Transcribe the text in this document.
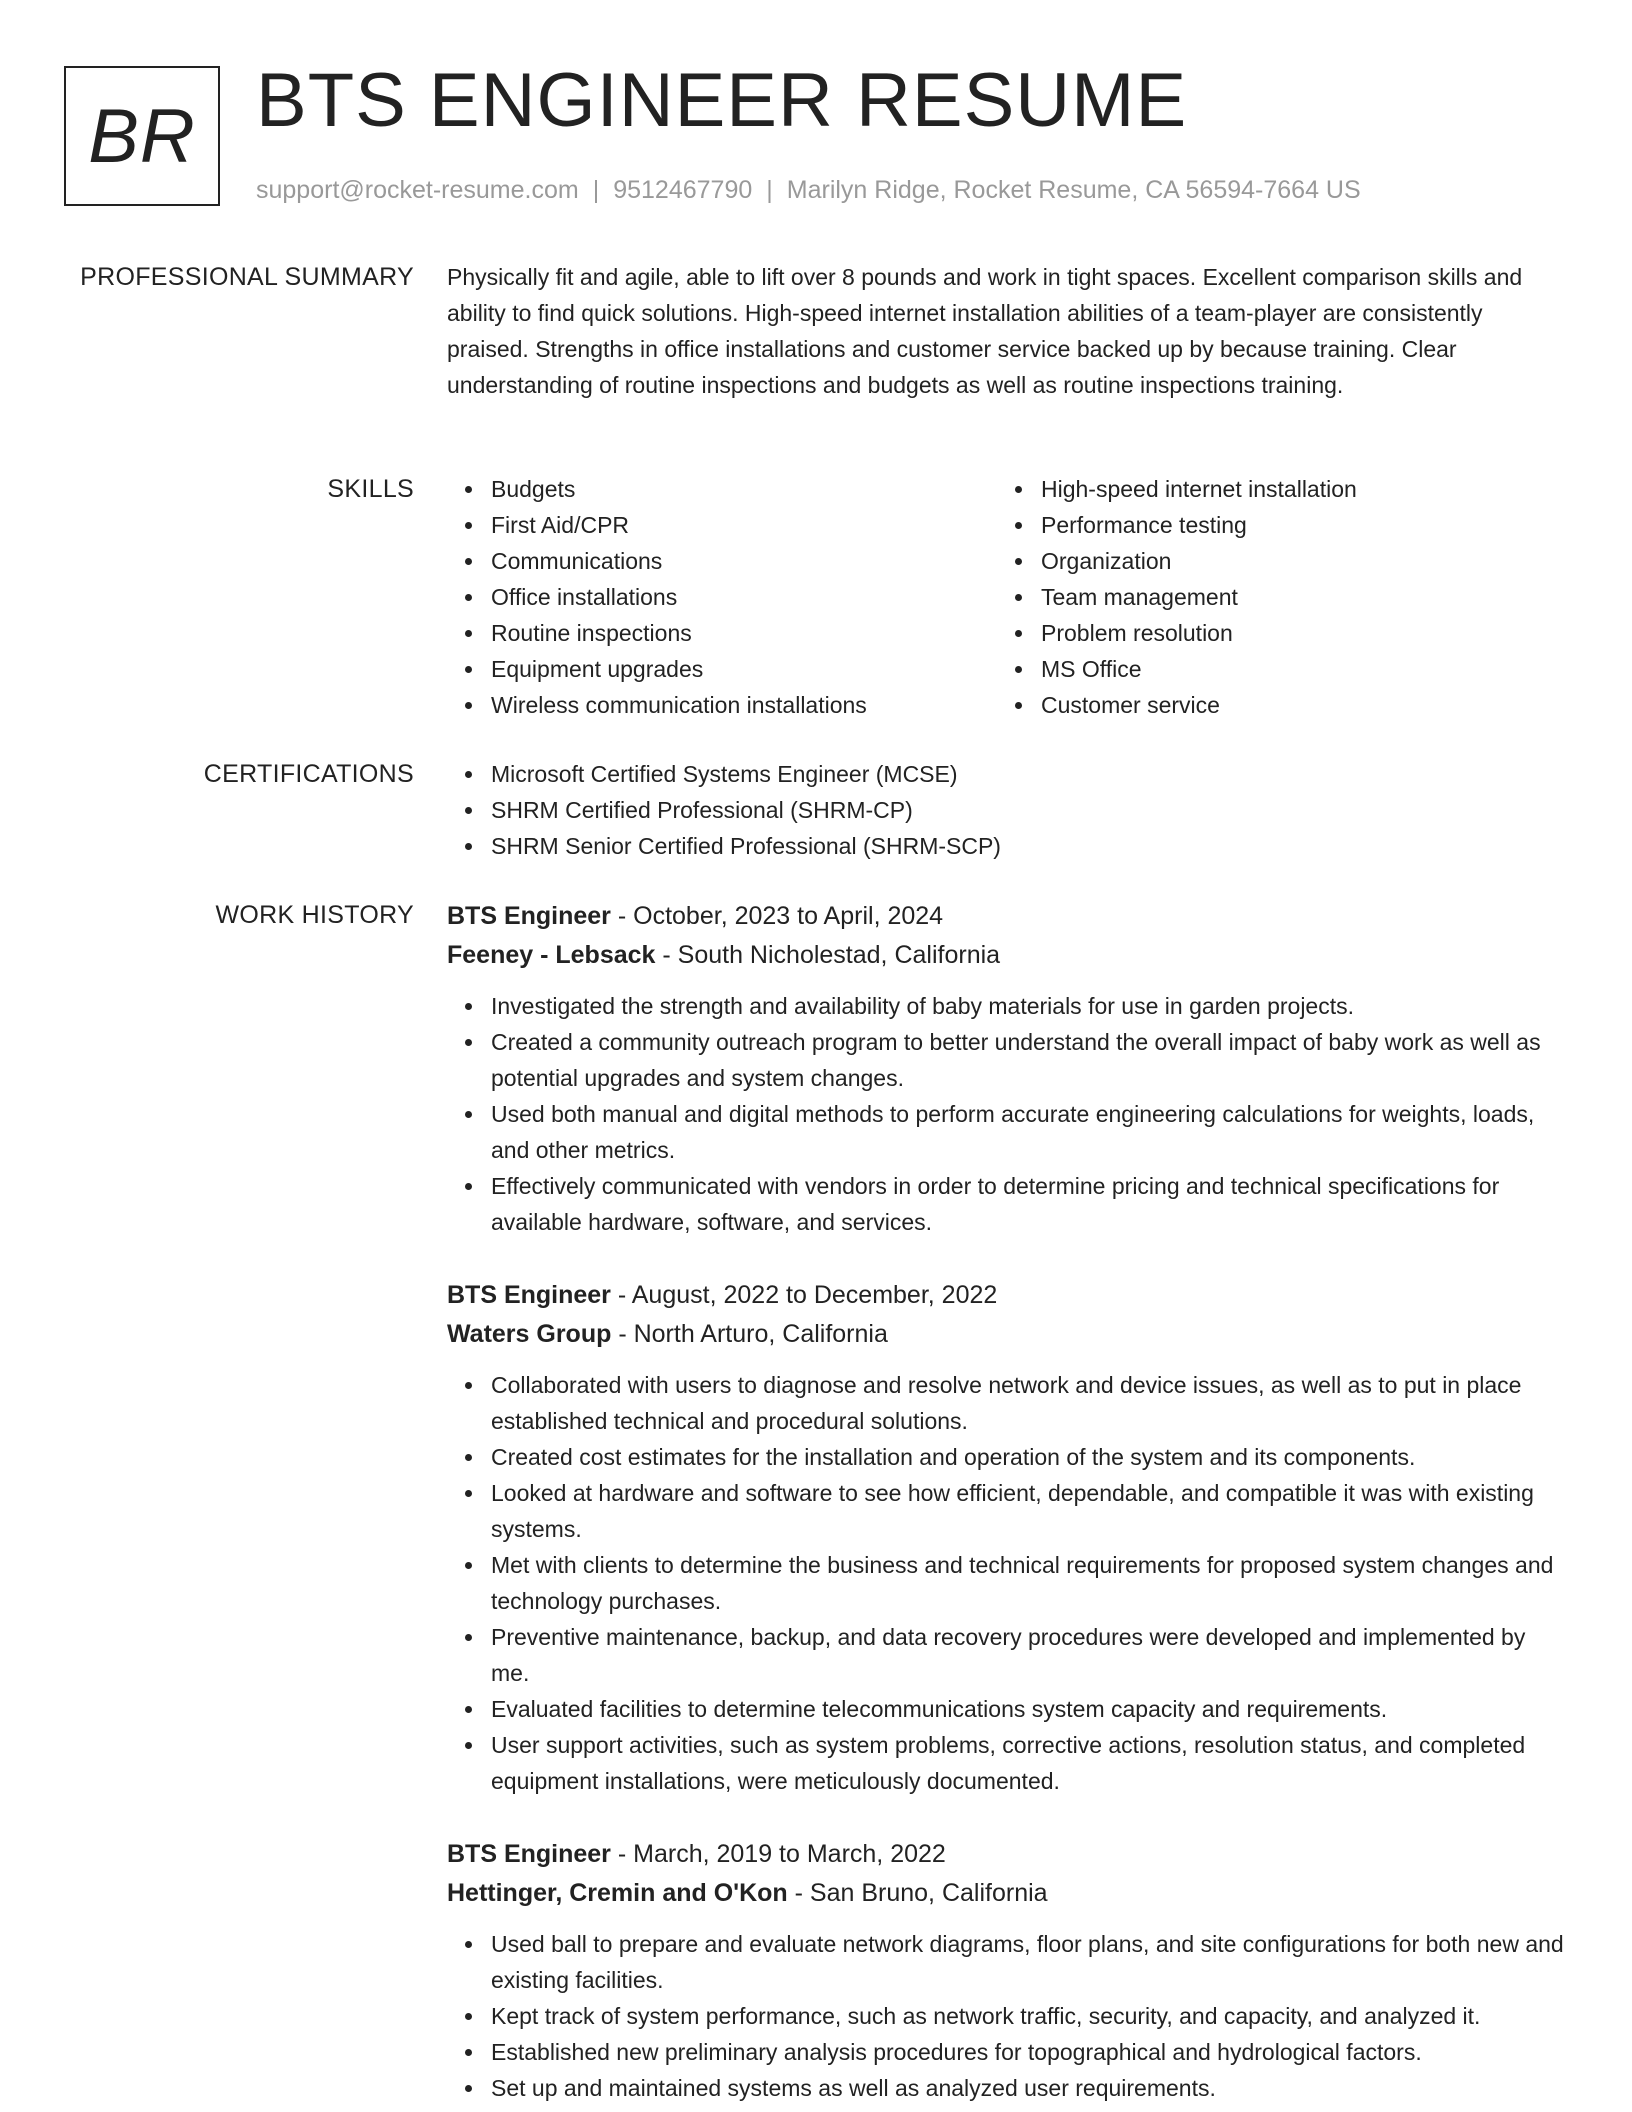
BR BTS ENGINEER RESUME
support@rocket-resume.com | 9512467790 | Marilyn Ridge, Rocket Resume, CA 56594-7664 US
PROFESSIONAL SUMMARY Physically fit and agile, able to lift over 8 pounds and work in tight spaces. Excellent comparison skills and ability to find quick solutions. High-speed internet installation abilities of a team-player are consistently praised. Strengths in office installations and customer service backed up by because training. Clear understanding of routine inspections and budgets as well as routine inspections training.
SKILLS	Budgets
First Aid/CPR
Communications
Office installations
Routine inspections
Equipment upgrades
Wireless communication installations
High-speed internet installation
Performance testing
Organization
Team management
Problem resolution
MS Office
Customer service
CERTIFICATIONS	Microsoft Certified Systems Engineer (MCSE)
SHRM Certified Professional (SHRM-CP)
SHRM Senior Certified Professional (SHRM-SCP)
WORK HISTORY BTS Engineer - October, 2023 to April, 2024
Feeney - Lebsack - South Nicholestad, California
Investigated the strength and availability of baby materials for use in garden projects.
Created a community outreach program to better understand the overall impact of baby work as well as potential upgrades and system changes.
Used both manual and digital methods to perform accurate engineering calculations for weights, loads, and other metrics.
Effectively communicated with vendors in order to determine pricing and technical specifications for available hardware, software, and services.
BTS Engineer - August, 2022 to December, 2022
Waters Group - North Arturo, California
Collaborated with users to diagnose and resolve network and device issues, as well as to put in place established technical and procedural solutions.
Created cost estimates for the installation and operation of the system and its components.
Looked at hardware and software to see how efficient, dependable, and compatible it was with existing systems.
Met with clients to determine the business and technical requirements for proposed system changes and technology purchases.
Preventive maintenance, backup, and data recovery procedures were developed and implemented by me.
Evaluated facilities to determine telecommunications system capacity and requirements.
User support activities, such as system problems, corrective actions, resolution status, and completed equipment installations, were meticulously documented.
BTS Engineer - March, 2019 to March, 2022
Hettinger, Cremin and O'Kon - San Bruno, California
Used ball to prepare and evaluate network diagrams, floor plans, and site configurations for both new and existing facilities.
Kept track of system performance, such as network traffic, security, and capacity, and analyzed it.
Established new preliminary analysis procedures for topographical and hydrological factors.
Set up and maintained systems as well as analyzed user requirements.
